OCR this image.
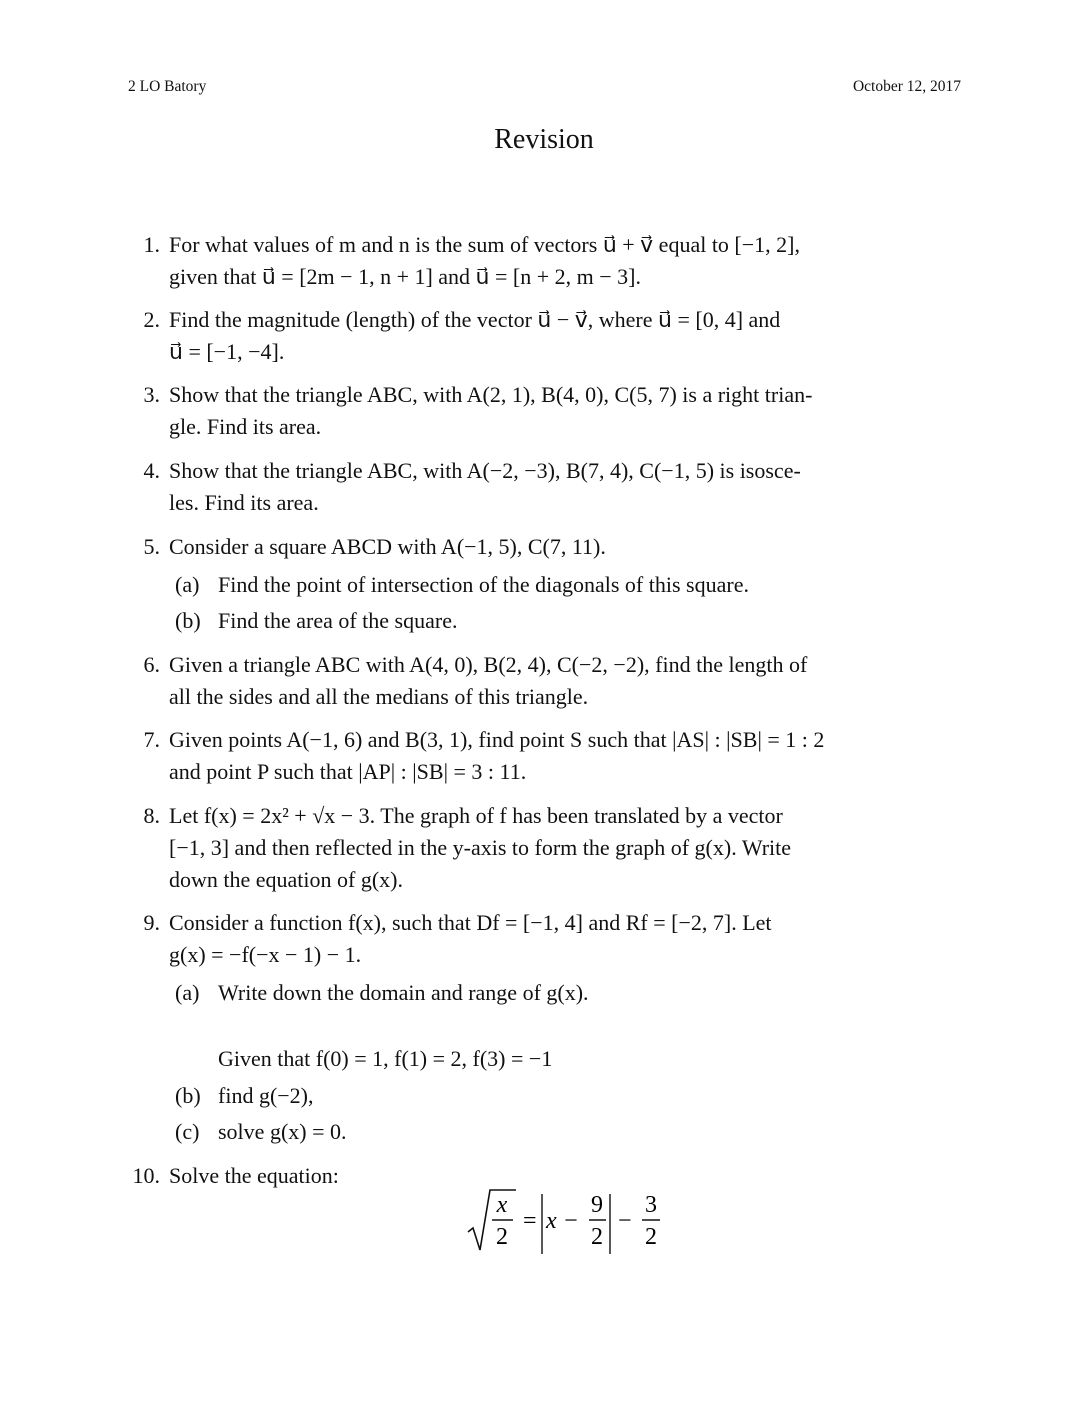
2 LO Batory	October 12, 2017
Revision
1. For what values of m and n is the sum of vectors u⃗ + v⃗ equal to [−1, 2],
given that u⃗ = [2m − 1, n + 1] and u⃗ = [n + 2, m − 3].
2. Find the magnitude (length) of the vector u⃗ − v⃗, where u⃗ = [0, 4] and
u⃗ = [−1, −4].
3. Show that the triangle ABC, with A(2, 1), B(4, 0), C(5, 7) is a right trian-
gle. Find its area.
4. Show that the triangle ABC, with A(−2, −3), B(7, 4), C(−1, 5) is isosce-
les. Find its area.
5. Consider a square ABCD with A(−1, 5), C(7, 11).
(a) Find the point of intersection of the diagonals of this square.
(b) Find the area of the square.
6. Given a triangle ABC with A(4, 0), B(2, 4), C(−2, −2), find the length of
all the sides and all the medians of this triangle.
7. Given points A(−1, 6) and B(3, 1), find point S such that |AS| : |SB| = 1 : 2
and point P such that |AP| : |SB| = 3 : 11.
8. Let f(x) = 2x² + √x − 3. The graph of f has been translated by a vector
[−1, 3] and then reflected in the y-axis to form the graph of g(x). Write
down the equation of g(x).
9. Consider a function f(x), such that Df = [−1, 4] and Rf = [−2, 7]. Let
g(x) = −f(−x − 1) − 1.
(a) Write down the domain and range of g(x).
Given that f(0) = 1, f(1) = 2, f(3) = −1
(b) find g(−2),
(c) solve g(x) = 0.
10. Solve the equation:
x
2
= x −
9
2
−
3
2
